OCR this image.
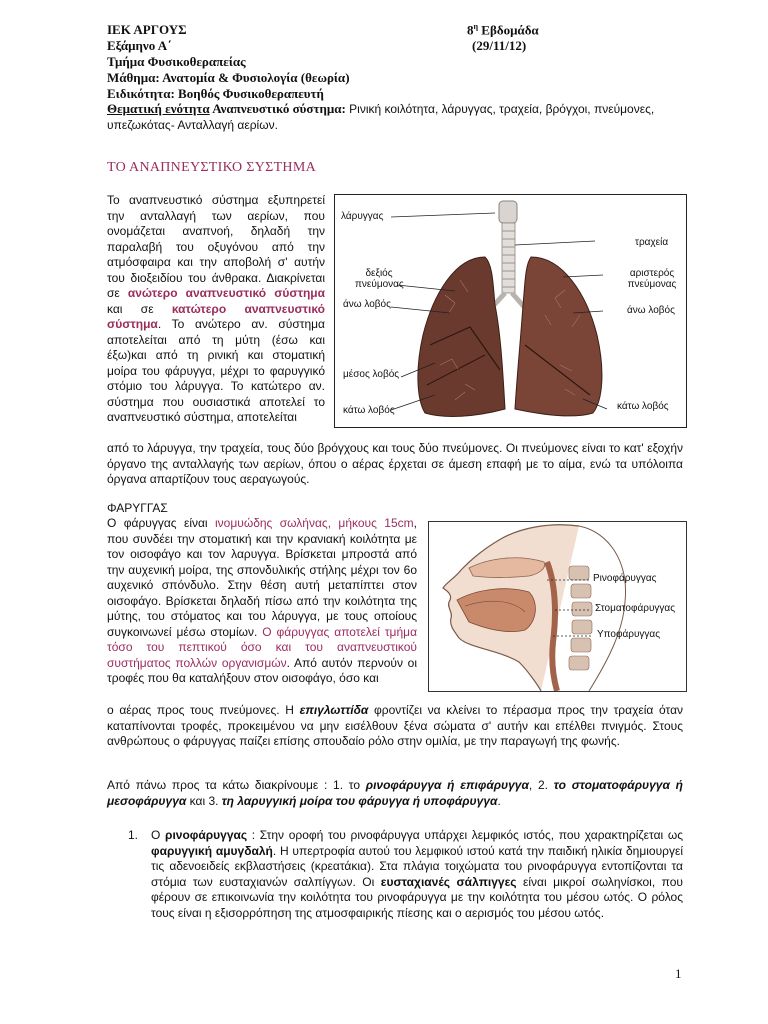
ΙΕΚ ΑΡΓΟΥΣ	$8^\eta$ Εβδομάδα
Εξάμηνο Α΄	(29/11/12)
Τμήμα Φυσικοθεραπείας
Μάθημα: Ανατομία & Φυσιολογία (θεωρία)
Ειδικότητα: Βοηθός Φυσικοθεραπευτή
Θεματική ενότητα Αναπνευστικό σύστημα: Ρινική κοιλότητα, λάρυγγας, τραχεία, βρόγχοι, πνεύμονες, υπεζωκότας- Ανταλλαγή αερίων.
ΤΟ ΑΝΑΠΝΕΥΣΤΙΚΟ ΣΥΣΤΗΜΑ

Το αναπνευστικό σύστημα εξυπηρετεί την ανταλλαγή των αερίων, που ονομάζεται αναπνοή, δηλαδή την παραλαβή του οξυγόνου από την ατμόσφαιρα και την αποβολή σ' αυτήν του διοξειδίου του άνθρακα. Διακρίνεται σε ανώτερο αναπνευστικό σύστημα και σε κατώτερο αναπνευστικό σύστημα. Το ανώτερο αν. σύστημα αποτελείται από τη μύτη (έσω και έξω)και από τη ρινική και στοματική μοίρα του φάρυγγα, μέχρι το φαρυγγικό στόμιο του λάρυγγα. Το κατώτερο αν. σύστημα που ουσιαστικά αποτελεί το αναπνευστικό σύστημα, αποτελείται

από το λάρυγγα, την τραχεία, τους δύο βρόγχους και τους δύο πνεύμονες. Οι πνεύμονες είναι το κατ' εξοχήν όργανο της ανταλλαγής των αερίων, όπου ο αέρας έρχεται σε άμεση επαφή με το αίμα, ενώ τα υπόλοιπα όργανα απαρτίζουν τους αεραγωγούς.

λάρυγγας
τραχεία
δεξιός πνεύμονας
αριστερός πνεύμονας
άνω λοβός
άνω λοβός
μέσος λοβός
κάτω λοβός	κάτω λοβός
ΦΑΡΥΓΓΑΣ

Ο φάρυγγας είναι ινομυώδης σωλήνας, μήκους 15cm, που συνδέει την στοματική και την κρανιακή κοιλότητα με τον οισοφάγο και τον λαρυγγα. Βρίσκεται μπροστά από την αυχενική μοίρα, της σπονδυλικής στήλης μέχρι τον 6ο αυχενικό σπόνδυλο. Στην θέση αυτή μεταπίπτει στον οισοφάγο. Βρίσκεται δηλαδή πίσω από την κοιλότητα της μύτης, του στόματος και του λάρυγγα, με τους οποίους συγκοινωνεί μέσω στομίων. Ο φάρυγγας αποτελεί τμήμα τόσο του πεπτικού όσο και του αναπνευστικού συστήματος πολλών οργανισμών. Από αυτόν περνούν οι τροφές που θα καταλήξουν στον οισοφάγο, όσο και

ο αέρας προς τους πνεύμονες. Η επιγλωττίδα φροντίζει να κλείνει το πέρασμα προς την τραχεία όταν καταπίνονται τροφές, προκειμένου να μην εισέλθουν ξένα σώματα σ' αυτήν και επέλθει πνιγμός. Στους ανθρώπους ο φάρυγγας παίζει επίσης σπουδαίο ρόλο στην ομιλία, με την παραγωγή της φωνής.

Ρινοφάρυγγας
Στοματοφάρυγγας
Υποφάρυγγας

Από πάνω προς τα κάτω διακρίνουμε : 1. το ρινοφάρυγγα ή επιφάρυγγα, 2. το στοματοφάρυγγα ή μεσοφάρυγγα και 3. τη λαρυγγική μοίρα του φάρυγγα ή υποφάρυγγα.

1. Ο ρινοφάρυγγας : Στην οροφή του ρινοφάρυγγα υπάρχει λεμφικός ιστός, που χαρακτηρίζεται ως φαρυγγική αμυγδαλή. Η υπερτροφία αυτού του λεμφικού ιστού κατά την παιδική ηλικία δημιουργεί τις αδενοειδείς εκβλαστήσεις (κρεατάκια). Στα πλάγια τοιχώματα του ρινοφάρυγγα εντοπίζονται τα στόμια των ευσταχιανών σαλπίγγων. Οι ευσταχιανές σάλπιγγες είναι μικροί σωληνίσκοι, που φέρουν σε επικοινωνία την κοιλότητα του ρινοφάρυγγα με την κοιλότητα του μέσου ωτός. Ο ρόλος τους είναι η εξισορρόπηση της ατμοσφαιρικής πίεσης και ο αερισμός του μέσου ωτός.

1
